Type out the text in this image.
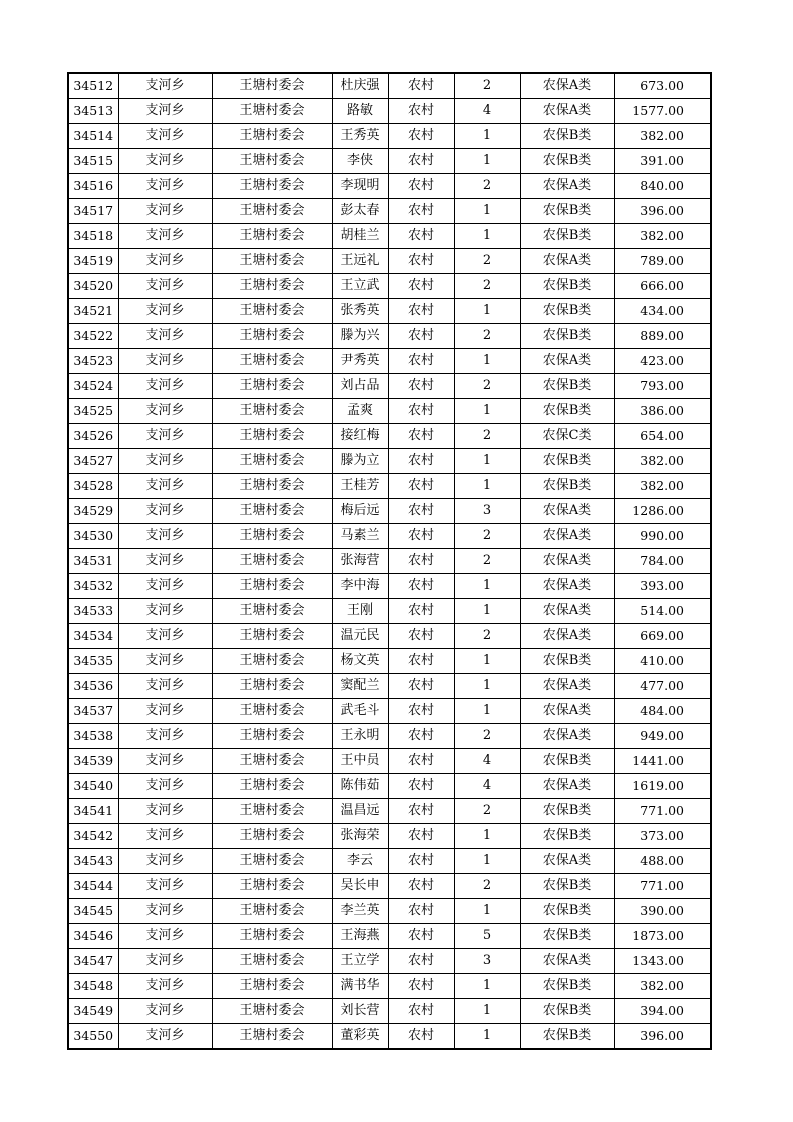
34512	支河乡	王塘村委会	杜庆强	农村	2	农保A类	673.00
34513	支河乡	王塘村委会	路敏	农村	4	农保A类	1577.00
34514	支河乡	王塘村委会	王秀英	农村	1	农保B类	382.00
34515	支河乡	王塘村委会	李侠	农村	1	农保B类	391.00
34516	支河乡	王塘村委会	李现明	农村	2	农保A类	840.00
34517	支河乡	王塘村委会	彭太春	农村	1	农保B类	396.00
34518	支河乡	王塘村委会	胡桂兰	农村	1	农保B类	382.00
34519	支河乡	王塘村委会	王远礼	农村	2	农保A类	789.00
34520	支河乡	王塘村委会	王立武	农村	2	农保B类	666.00
34521	支河乡	王塘村委会	张秀英	农村	1	农保B类	434.00
34522	支河乡	王塘村委会	滕为兴	农村	2	农保B类	889.00
34523	支河乡	王塘村委会	尹秀英	农村	1	农保A类	423.00
34524	支河乡	王塘村委会	刘占品	农村	2	农保B类	793.00
34525	支河乡	王塘村委会	孟爽	农村	1	农保B类	386.00
34526	支河乡	王塘村委会	接红梅	农村	2	农保C类	654.00
34527	支河乡	王塘村委会	滕为立	农村	1	农保B类	382.00
34528	支河乡	王塘村委会	王桂芳	农村	1	农保B类	382.00
34529	支河乡	王塘村委会	梅后远	农村	3	农保A类	1286.00
34530	支河乡	王塘村委会	马素兰	农村	2	农保A类	990.00
34531	支河乡	王塘村委会	张海营	农村	2	农保A类	784.00
34532	支河乡	王塘村委会	李中海	农村	1	农保A类	393.00
34533	支河乡	王塘村委会	王刚	农村	1	农保A类	514.00
34534	支河乡	王塘村委会	温元民	农村	2	农保A类	669.00
34535	支河乡	王塘村委会	杨文英	农村	1	农保B类	410.00
34536	支河乡	王塘村委会	窦配兰	农村	1	农保A类	477.00
34537	支河乡	王塘村委会	武毛斗	农村	1	农保A类	484.00
34538	支河乡	王塘村委会	王永明	农村	2	农保A类	949.00
34539	支河乡	王塘村委会	王中员	农村	4	农保B类	1441.00
34540	支河乡	王塘村委会	陈伟茹	农村	4	农保A类	1619.00
34541	支河乡	王塘村委会	温昌远	农村	2	农保B类	771.00
34542	支河乡	王塘村委会	张海荣	农村	1	农保B类	373.00
34543	支河乡	王塘村委会	李云	农村	1	农保A类	488.00
34544	支河乡	王塘村委会	吴长申	农村	2	农保B类	771.00
34545	支河乡	王塘村委会	李兰英	农村	1	农保B类	390.00
34546	支河乡	王塘村委会	王海燕	农村	5	农保B类	1873.00
34547	支河乡	王塘村委会	王立学	农村	3	农保A类	1343.00
34548	支河乡	王塘村委会	满书华	农村	1	农保B类	382.00
34549	支河乡	王塘村委会	刘长营	农村	1	农保B类	394.00
34550	支河乡	王塘村委会	董彩英	农村	1	农保B类	396.00
